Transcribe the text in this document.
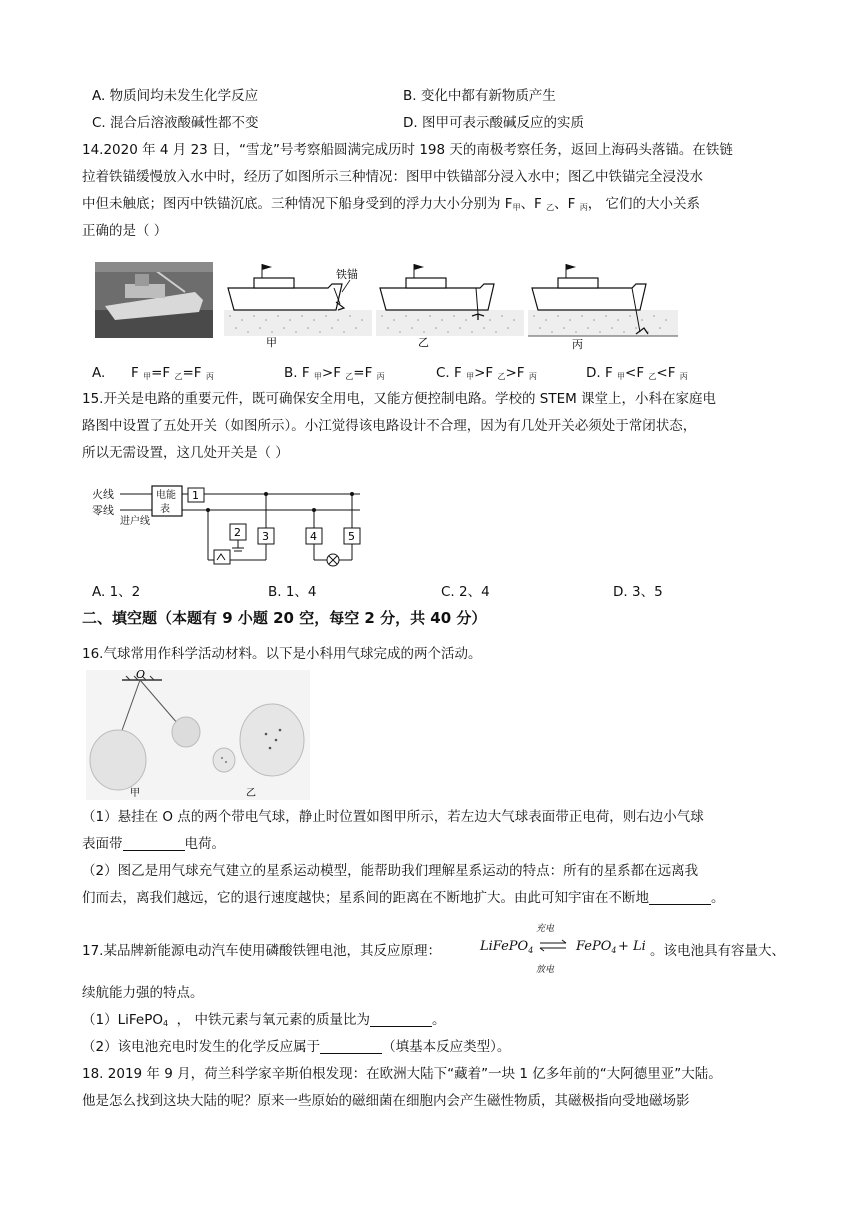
A. 物质间均未发生化学反应	B. 变化中都有新物质产生
C. 混合后溶液酸碱性都不变	D. 图甲可表示酸碱反应的实质
14.2020 年 4 月 23 日，“雪龙”号考察船圆满完成历时 198 天的南极考察任务，返回上海码头落锚。在铁链
拉着铁锚缓慢放入水中时，经历了如图所示三种情况：图甲中铁锚部分浸入水中；图乙中铁锚完全浸没水
中但未触底；图丙中铁锚沉底。三种情况下船身受到的浮力大小分别为 $F_甲$、F $_乙$、F $_丙$， 它们的大小关系
正确的是（ ）
铁锚
甲	乙	丙
A.      F $_甲$=F $_乙$=F $_丙$	B. F $_甲$>F $_乙$=F $_丙$	C. F $_甲$>F $_乙$>F $_丙$	D. F $_甲$<F $_乙$<F $_丙$
15.开关是电路的重要元件，既可确保安全用电，又能方便控制电路。学校的 STEM 课堂上，小科在家庭电
路图中设置了五处开关（如图所示）。小江觉得该电路设计不合理，因为有几处开关必须处于常闭状态，
所以无需设置，这几处开关是（ ）
火线
零线
进户线
电能
表
1
2 3	4	5
A. 1、2	B. 1、4	C. 2、4	D. 3、5
二、填空题（本题有 9 小题 20 空，每空 2 分，共 40 分）
16.气球常用作科学活动材料。以下是小科用气球完成的两个活动。
O
甲	乙
（1）悬挂在 O 点的两个带电气球，静止时位置如图甲所示，若左边大气球表面带正电荷，则右边小气球
表面带	电荷。
（2）图乙是用气球充气建立的星系运动模型，能帮助我们理解星系运动的特点：所有的星系都在远离我
们而去，离我们越远，它的退行速度越快；星系间的距离在不断地扩大。由此可知宇宙在不断地	。
17.某品牌新能源电动汽车使用磷酸铁锂电池，其反应原理：	LiFePO$_4$	FePO$_4$ + Li
充电
放电
。该电池具有容量大、
续航能力强的特点。
（1）LiFePO$_4$ ， 中铁元素与氧元素的质量比为	。
（2）该电池充电时发生的化学反应属于	（填基本反应类型）。
18. 2019 年 9 月，荷兰科学家辛斯伯根发现：在欧洲大陆下“藏着”一块 1 亿多年前的“大阿德里亚”大陆。
他是怎么找到这块大陆的呢？原来一些原始的磁细菌在细胞内会产生磁性物质，其磁极指向受地磁场影
